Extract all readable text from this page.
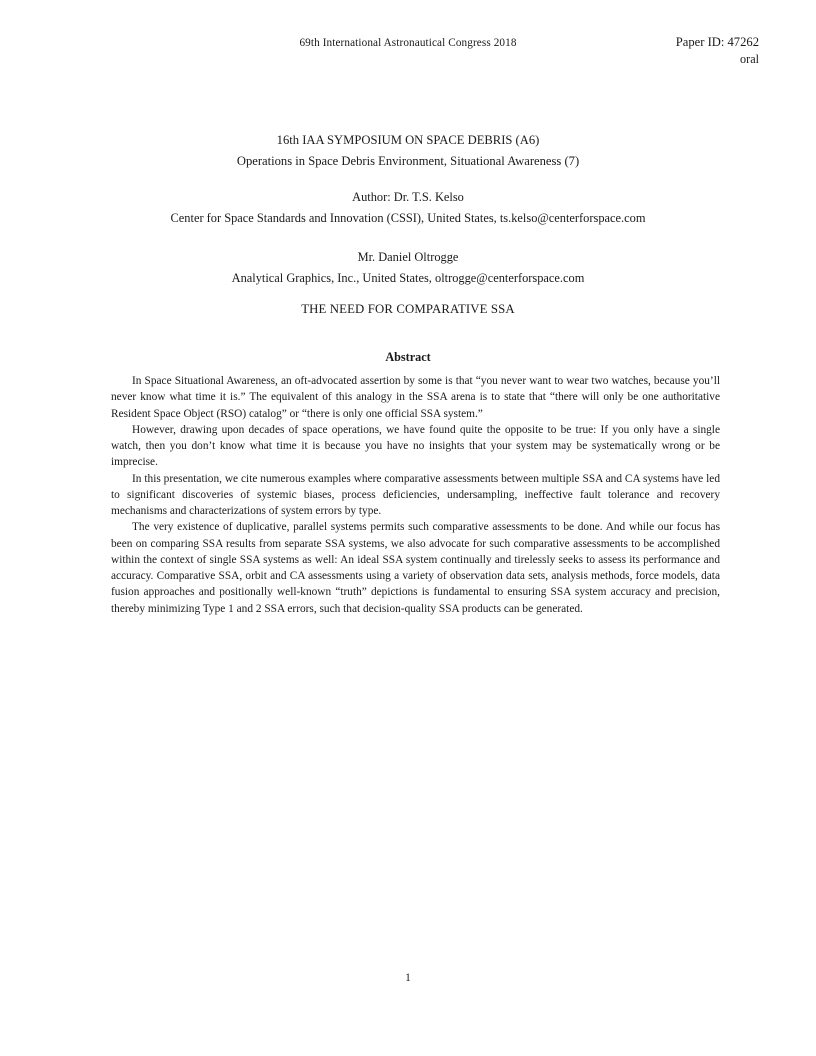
69th International Astronautical Congress 2018	Paper ID: 47262
oral
16th IAA SYMPOSIUM ON SPACE DEBRIS (A6)
Operations in Space Debris Environment, Situational Awareness (7)
Author: Dr. T.S. Kelso
Center for Space Standards and Innovation (CSSI), United States, ts.kelso@centerforspace.com
Mr. Daniel Oltrogge
Analytical Graphics, Inc., United States, oltrogge@centerforspace.com
THE NEED FOR COMPARATIVE SSA
Abstract

In Space Situational Awareness, an oft-advocated assertion by some is that “you never want to wear two watches, because you’ll never know what time it is.” The equivalent of this analogy in the SSA arena is to state that “there will only be one authoritative Resident Space Object (RSO) catalog” or “there is only one official SSA system.”

However, drawing upon decades of space operations, we have found quite the opposite to be true: If you only have a single watch, then you don’t know what time it is because you have no insights that your system may be systematically wrong or be imprecise.

In this presentation, we cite numerous examples where comparative assessments between multiple SSA and CA systems have led to significant discoveries of systemic biases, process deficiencies, undersampling, ineffective fault tolerance and recovery mechanisms and characterizations of system errors by type.

The very existence of duplicative, parallel systems permits such comparative assessments to be done. And while our focus has been on comparing SSA results from separate SSA systems, we also advocate for such comparative assessments to be accomplished within the context of single SSA systems as well: An ideal SSA system continually and tirelessly seeks to assess its performance and accuracy. Comparative SSA, orbit and CA assessments using a variety of observation data sets, analysis methods, force models, data fusion approaches and positionally well-known “truth” depictions is fundamental to ensuring SSA system accuracy and precision, thereby minimizing Type 1 and 2 SSA errors, such that decision-quality SSA products can be generated.

1
